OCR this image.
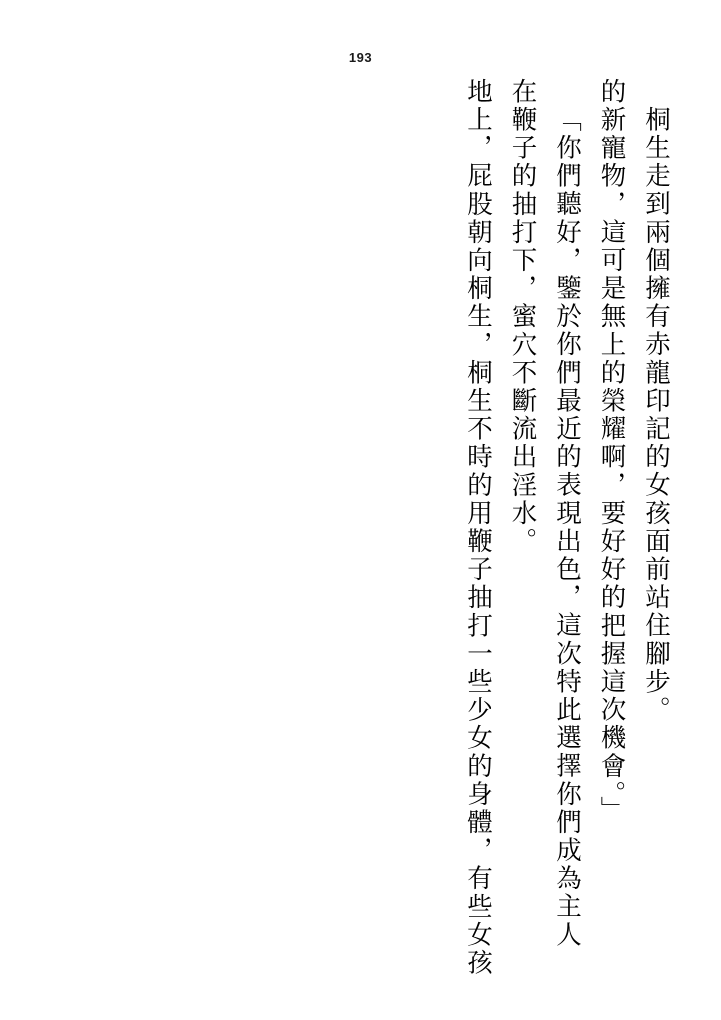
193
地上，屁股朝向桐生，桐生不時的用鞭子抽打一些少女的身體，有些女孩 在鞭子的抽打下，蜜穴不斷流出淫水。 「你們聽好，鑒於你們最近的表現出色，這次特此選擇你們成為主人 的新寵物，這可是無上的榮耀啊，要好好的把握這次機會。」 桐生走到兩個擁有赤龍印記的女孩面前站住腳步。
